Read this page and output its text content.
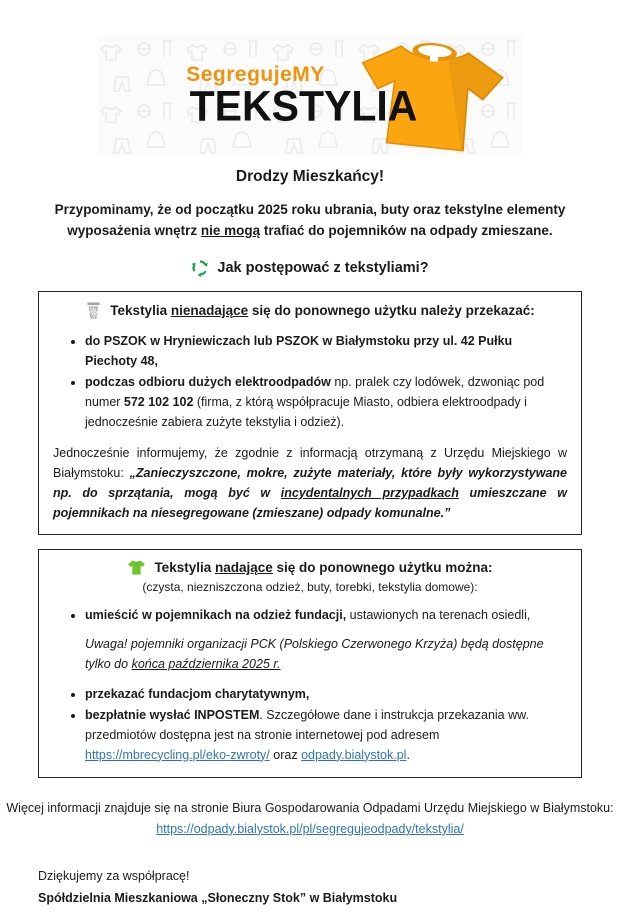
SegregujeMY
TEKSTYLIA
Drodzy Mieszkańcy!
Przypominamy, że od początku 2025 roku ubrania, buty oraz tekstylne elementy wyposażenia wnętrz nie mogą trafiać do pojemników na odpady zmieszane.
Jak postępować z tekstyliami?
Tekstylia nienadające się do ponownego użytku należy przekazać:
• do PSZOK w Hryniewiczach lub PSZOK w Białymstoku przy ul. 42 Pułku Piechoty 48,
• podczas odbioru dużych elektroodpadów np. pralek czy lodówek, dzwoniąc pod numer 572 102 102 (firma, z którą współpracuje Miasto, odbiera elektroodpady i jednocześnie zabiera zużyte tekstylia i odzież).
Jednocześnie informujemy, że zgodnie z informacją otrzymaną z Urzędu Miejskiego w Białymstoku: „Zanieczyszczone, mokre, zużyte materiały, które były wykorzystywane np. do sprzątania, mogą być w incydentalnych przypadkach umieszczane w pojemnikach na niesegregowane (zmieszane) odpady komunalne.”
Tekstylia nadające się do ponownego użytku można:
(czysta, niezniszczona odzież, buty, torebki, tekstylia domowe):
• umieścić w pojemnikach na odzież fundacji, ustawionych na terenach osiedli,
Uwaga! pojemniki organizacji PCK (Polskiego Czerwonego Krzyża) będą dostępne tylko do końca października 2025 r.
• przekazać fundacjom charytatywnym,
• bezpłatnie wysłać INPOSTEM. Szczegółowe dane i instrukcja przekazania ww. przedmiotów dostępna jest na stronie internetowej pod adresem https://mbrecycling.pl/eko-zwroty/ oraz odpady.bialystok.pl.
Więcej informacji znajduje się na stronie Biura Gospodarowania Odpadami Urzędu Miejskiego w Białymstoku: https://odpady.bialystok.pl/pl/segregujeodpady/tekstylia/
Dziękujemy za współpracę!
Spółdzielnia Mieszkaniowa „Słoneczny Stok” w Białymstoku
